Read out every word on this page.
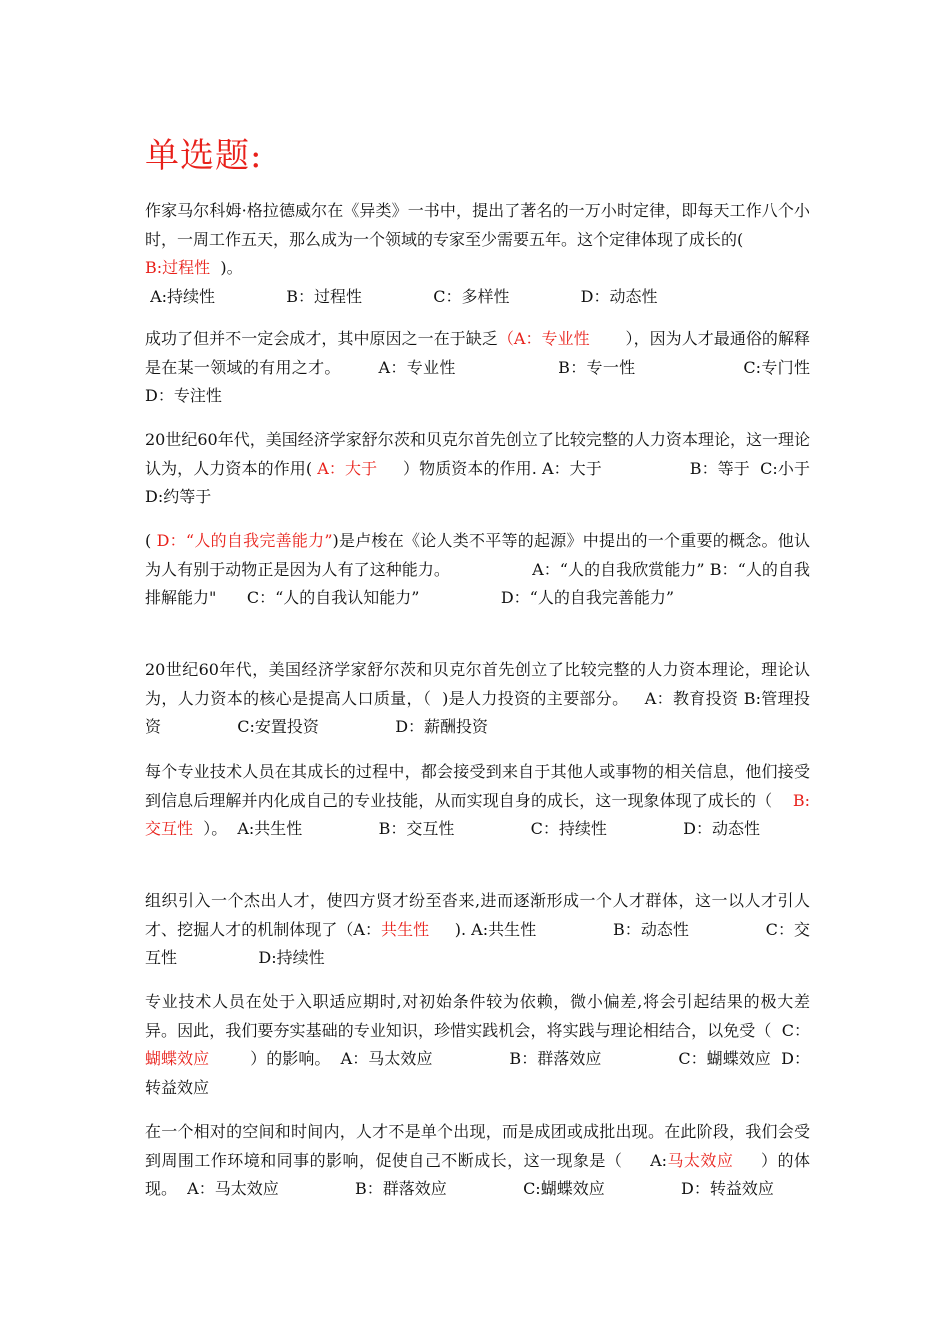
单选题:
作家马尔科姆·格拉德威尔在《异类》一书中，提出了著名的一万小时定律，即每天工作八个小时，一周工作五天，那么成为一个领域的专家至少需要五年。这个定律体现了成长的(
B:过程性  )。
A:持续性              B：过程性              C：多样性              D：动态性
成功了但并不一定会成才，其中原因之一在于缺乏（A：专业性       ），因为人才最通俗的解释是在某一领域的有用之才。       A：专业性                   B：专一性                    C:专门性      D：专注性
20世纪60年代，美国经济学家舒尔茨和贝克尔首先创立了比较完整的人力资本理论，这一理论认为，人力资本的作用( A：大于     ）物质资本的作用. A：大于                 B：等于  C:小于               D:约等于
( D：“人的自我完善能力”)是卢梭在《论人类不平等的起源》中提出的一个重要的概念。他认为人有别于动物正是因为人有了这种能力。                A：“人的自我欣赏能力” B：“人的自我排解能力"      C：“人的自我认知能力”                D：“人的自我完善能力”
20世纪60年代，美国经济学家舒尔茨和贝克尔首先创立了比较完整的人力资本理论，理论认为，人力资本的核心是提高人口质量，（  )是人力投资的主要部分。   A：教育投资 B:管理投资               C:安置投资               D：薪酬投资
每个专业技术人员在其成长的过程中，都会接受到来自于其他人或事物的相关信息，他们接受到信息后理解并内化成自己的专业技能，从而实现自身的成长，这一现象体现了成长的（    B:交互性  ）。  A:共生性               B：交互性               C：持续性               D：动态性
组织引入一个杰出人才，使四方贤才纷至沓来,进而逐渐形成一个人才群体，这一以人才引人才、挖掘人才的机制体现了（A：共生性     ). A:共生性               B：动态性               C：交互性                D:持续性
专业技术人员在处于入职适应期时,对初始条件较为依赖，微小偏差,将会引起结果的极大差异。因此，我们要夯实基础的专业知识，珍惜实践机会，将实践与理论相结合，以免受（  C：蝴蝶效应        ）的影响。  A：马太效应               B：群落效应               C：蝴蝶效应  D：转益效应
在一个相对的空间和时间内，人才不是单个出现，而是成团或成批出现。在此阶段，我们会受到周围工作环境和同事的影响，促使自己不断成长，这一现象是（     A:马太效应     ）的体现。  A：马太效应               B：群落效应               C:蝴蝶效应               D：转益效应
